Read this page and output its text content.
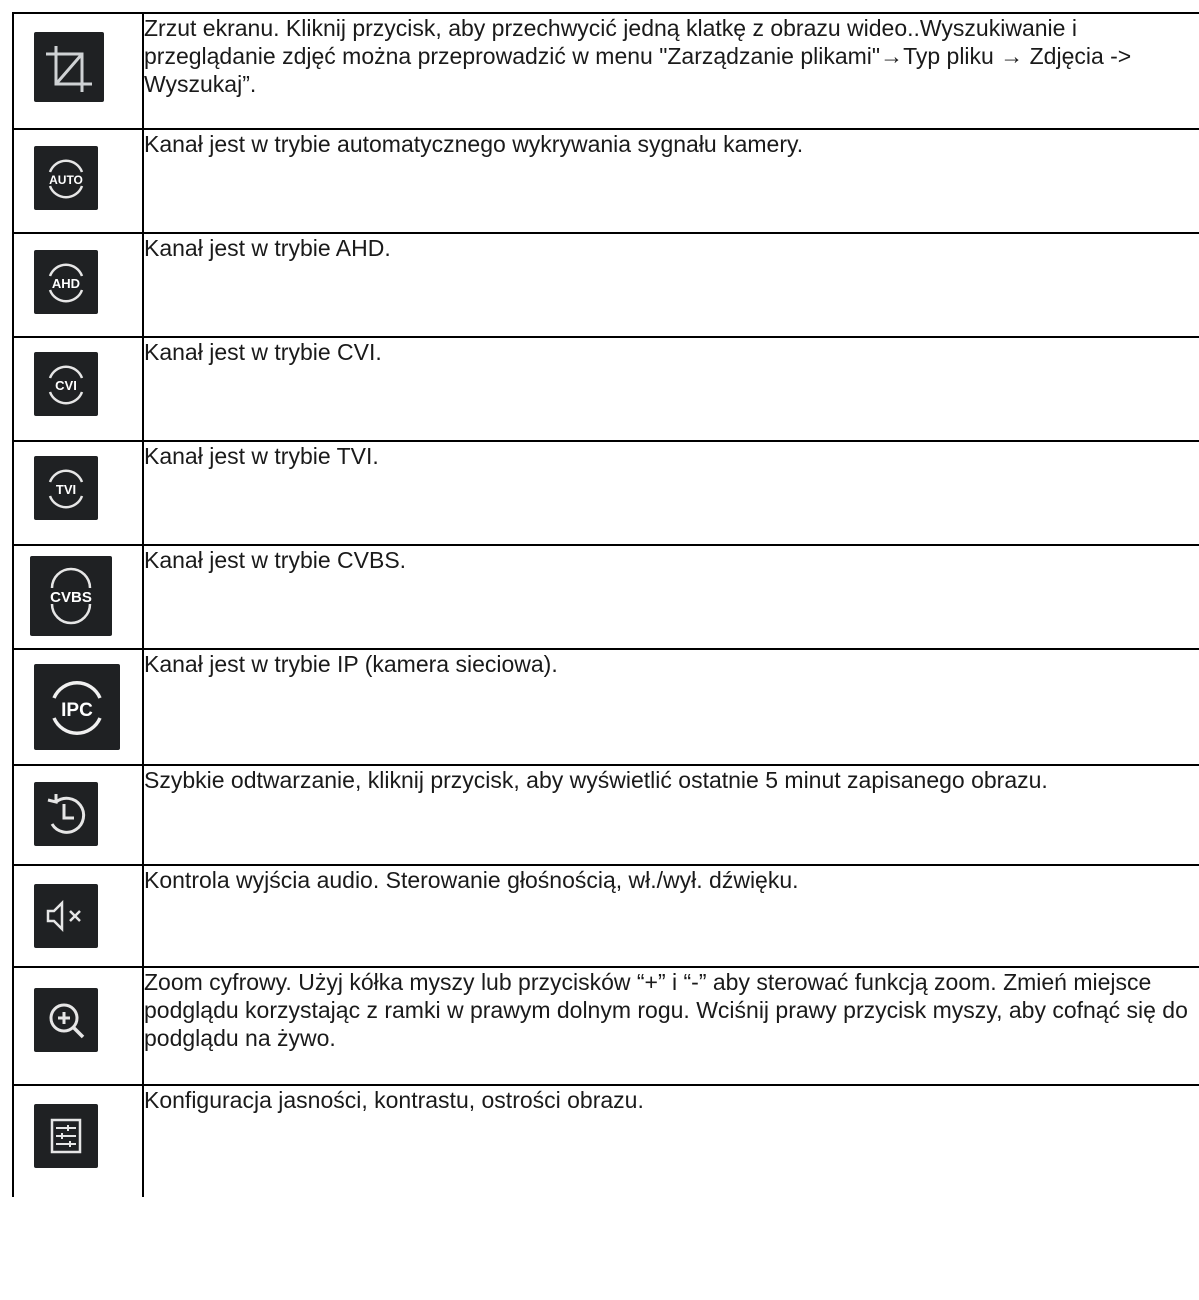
	Zrzut ekranu. Kliknij przycisk, aby przechwycić jedną klatkę z obrazu wideo..Wyszukiwanie i przeglądanie zdjęć można przeprowadzić w menu "Zarządzanie plikami"→Typ pliku → Zdjęcia -> Wyszukaj”.

AUTO	Kanał jest w trybie automatycznego wykrywania sygnału kamery.

AHD	Kanał jest w trybie AHD.

CVI	Kanał jest w trybie CVI.

TVI	Kanał jest w trybie TVI.

CVBS	Kanał jest w trybie CVBS.

IPC	Kanał jest w trybie IP (kamera sieciowa).

	Szybkie odtwarzanie, kliknij przycisk, aby wyświetlić ostatnie 5 minut zapisanego obrazu.

	Kontrola wyjścia audio. Sterowanie głośnością, wł./wył. dźwięku.

	Zoom cyfrowy. Użyj kółka myszy lub przycisków “+” i “-” aby sterować funkcją zoom. Zmień miejsce podglądu korzystając z ramki w prawym dolnym rogu. Wciśnij prawy przycisk myszy, aby cofnąć się do podglądu na żywo.

	Konfiguracja jasności, kontrastu, ostrości obrazu.
